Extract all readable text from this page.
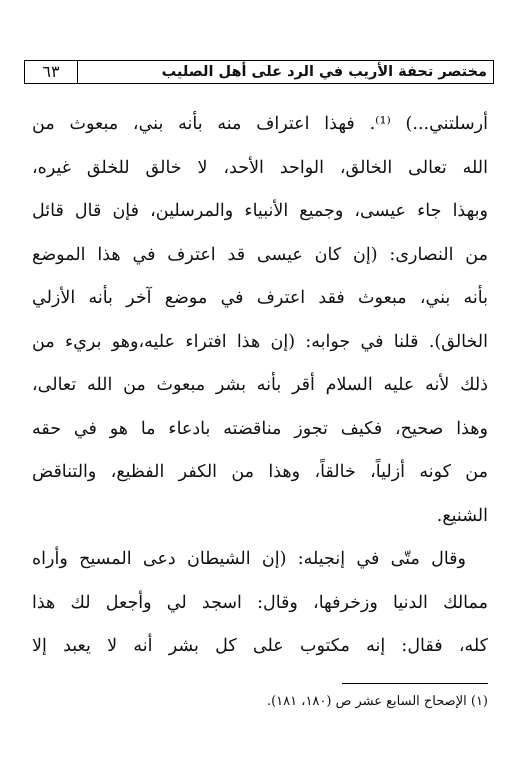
مختصر تحفة الأريب في الرد على أهل الصليب
٦٣
أرسلتني...) ⁽¹⁾. فهذا اعتراف منه بأنه بني، مبعوث من
الله تعالى الخالق، الواحد الأحد، لا خالق للخلق غيره،
وبهذا جاء عيسى، وجميع الأنبياء والمرسلين، فإن قال قائل
من النصارى: (إن كان عيسى قد اعترف في هذا الموضع
بأنه بني، مبعوث فقد اعترف في موضع آخر بأنه الأزلي
الخالق). قلنا في جوابه: (إن هذا افتراء عليه،وهو بريء من
ذلك لأنه عليه السلام أقر بأنه بشر مبعوث من الله تعالى،
وهذا صحيح، فكيف تجوز مناقضته بادعاء ما هو في حقه
من كونه أزلياً، خالقاً، وهذا من الكفر الفظيع، والتناقض
الشنيع.
وقال متّى في إنجيله: (إن الشيطان دعى المسيح وأراه
ممالك الدنيا وزخرفها، وقال: اسجد لي وأجعل لك هذا
كله، فقال: إنه مكتوب على كل بشر أنه لا يعبد إلا
(١) الإصحاح السابع عشر ص (١٨٠، ١٨١).
